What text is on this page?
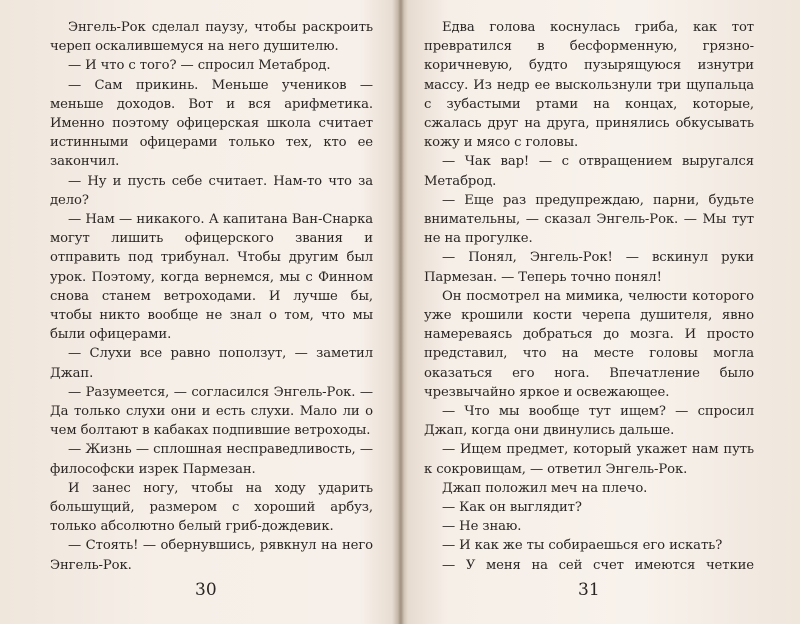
Энгель-Рок сделал паузу, чтобы раскроить череп оскалившемуся на него душителю.

— И что с того? — спросил Метаброд.

— Сам прикинь. Меньше учеников — меньше доходов. Вот и вся арифметика. Именно поэтому офицерская школа считает истинными офицерами только тех, кто ее закончил.

— Ну и пусть себе считает. Нам-то что за дело?

— Нам — никакого. А капитана Ван-Снарка могут лишить офицерского звания и отправить под трибунал. Чтобы другим был урок. Поэтому, когда вернемся, мы с Финном снова станем ветроходами. И лучше бы, чтобы никто вообще не знал о том, что мы были офицерами.

— Слухи все равно поползут, — заметил Джап.

— Разумеется, — согласился Энгель-Рок. — Да только слухи они и есть слухи. Мало ли о чем болтают в кабаках подпившие ветроходы.

— Жизнь — сплошная несправедливость, — философски изрек Пармезан.

И занес ногу, чтобы на ходу ударить большущий, размером с хороший арбуз, только абсолютно белый гриб-дождевик.

— Стоять! — обернувшись, рявкнул на него Энгель-Рок.

30

Едва голова коснулась гриба, как тот превратился в бесформенную, грязно-коричневую, будто пузырящуюся изнутри массу. Из недр ее выскользнули три щупальца с зубастыми ртами на концах, которые, сжалась друг на друга, принялись обкусывать кожу и мясо с головы.

— Чак вар! — с отвращением выругался Метаброд.

— Еще раз предупреждаю, парни, будьте внимательны, — сказал Энгель-Рок. — Мы тут не на прогулке.

— Понял, Энгель-Рок! — вскинул руки Пармезан. — Теперь точно понял!

Он посмотрел на мимика, челюсти которого уже крошили кости черепа душителя, явно намереваясь добраться до мозга. И просто представил, что на месте головы могла оказаться его нога. Впечатление было чрезвычайно яркое и освежающее.

— Что мы вообще тут ищем? — спросил Джап, когда они двинулись дальше.

— Ищем предмет, который укажет нам путь к сокровищам, — ответил Энгель-Рок.

Джап положил меч на плечо.

— Как он выглядит?

— Не знаю.

— И как же ты собираешься его искать?

— У меня на сей счет имеются четкие

31
